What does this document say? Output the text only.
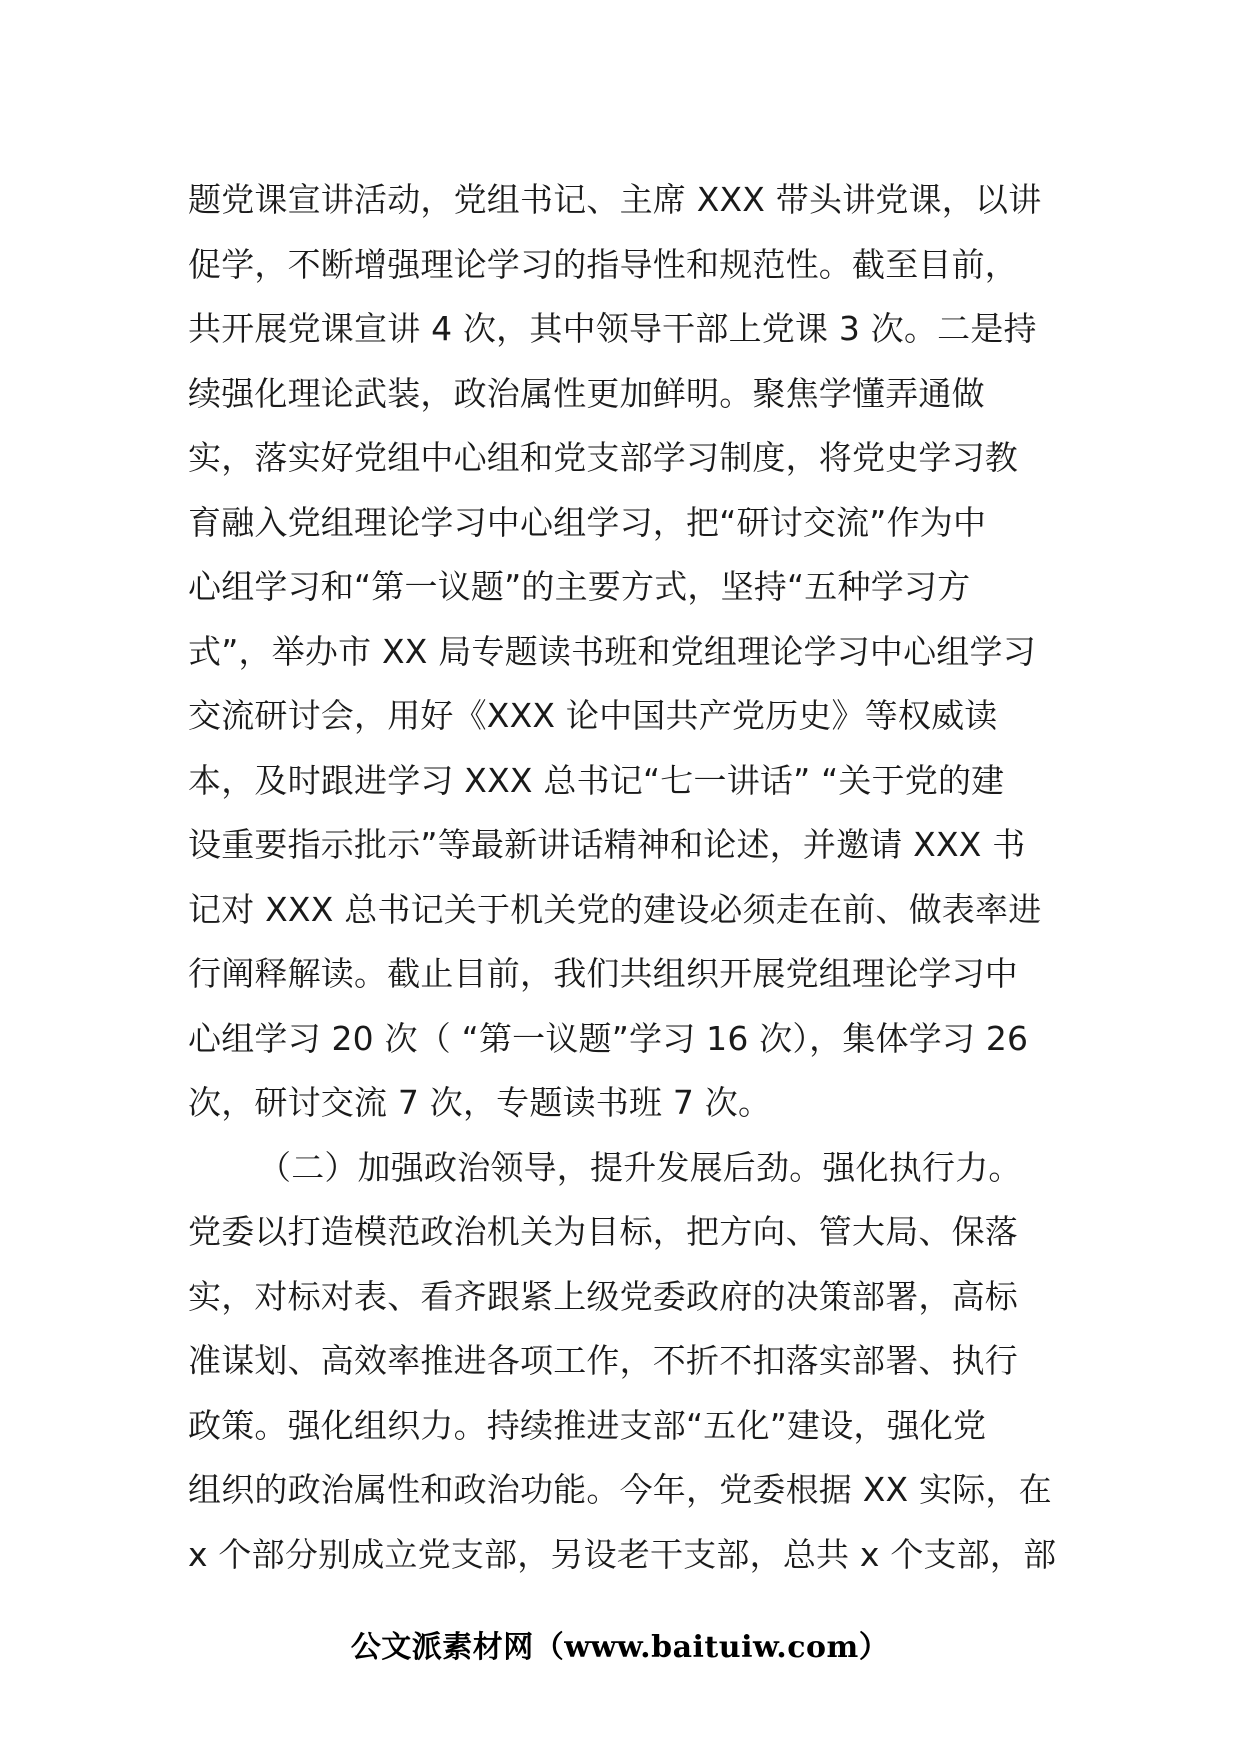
题党课宣讲活动，党组书记、主席 XXX 带头讲党课，以讲
促学，不断增强理论学习的指导性和规范性。截至目前，
共开展党课宣讲 4 次，其中领导干部上党课 3 次。二是持
续强化理论武装，政治属性更加鲜明。聚焦学懂弄通做
实，落实好党组中心组和党支部学习制度，将党史学习教
育融入党组理论学习中心组学习，把“研讨交流”作为中
心组学习和“第一议题”的主要方式，坚持“五种学习方
式”，举办市 XX 局专题读书班和党组理论学习中心组学习
交流研讨会，用好《XXX 论中国共产党历史》等权威读
本，及时跟进学习 XXX 总书记“七一讲话” “关于党的建
设重要指示批示”等最新讲话精神和论述，并邀请 XXX 书
记对 XXX 总书记关于机关党的建设必须走在前、做表率进
行阐释解读。截止目前，我们共组织开展党组理论学习中
心组学习 20 次（ “第一议题”学习 16 次），集体学习 26
次，研讨交流 7 次，专题读书班 7 次。
（二）加强政治领导，提升发展后劲。强化执行力。
党委以打造模范政治机关为目标，把方向、管大局、保落
实，对标对表、看齐跟紧上级党委政府的决策部署，高标
准谋划、高效率推进各项工作，不折不扣落实部署、执行
政策。强化组织力。持续推进支部“五化”建设，强化党
组织的政治属性和政治功能。今年，党委根据 XX 实际，在
x 个部分别成立党支部，另设老干支部，总共 x 个支部，部
公文派素材网（www.baituiw.com）
